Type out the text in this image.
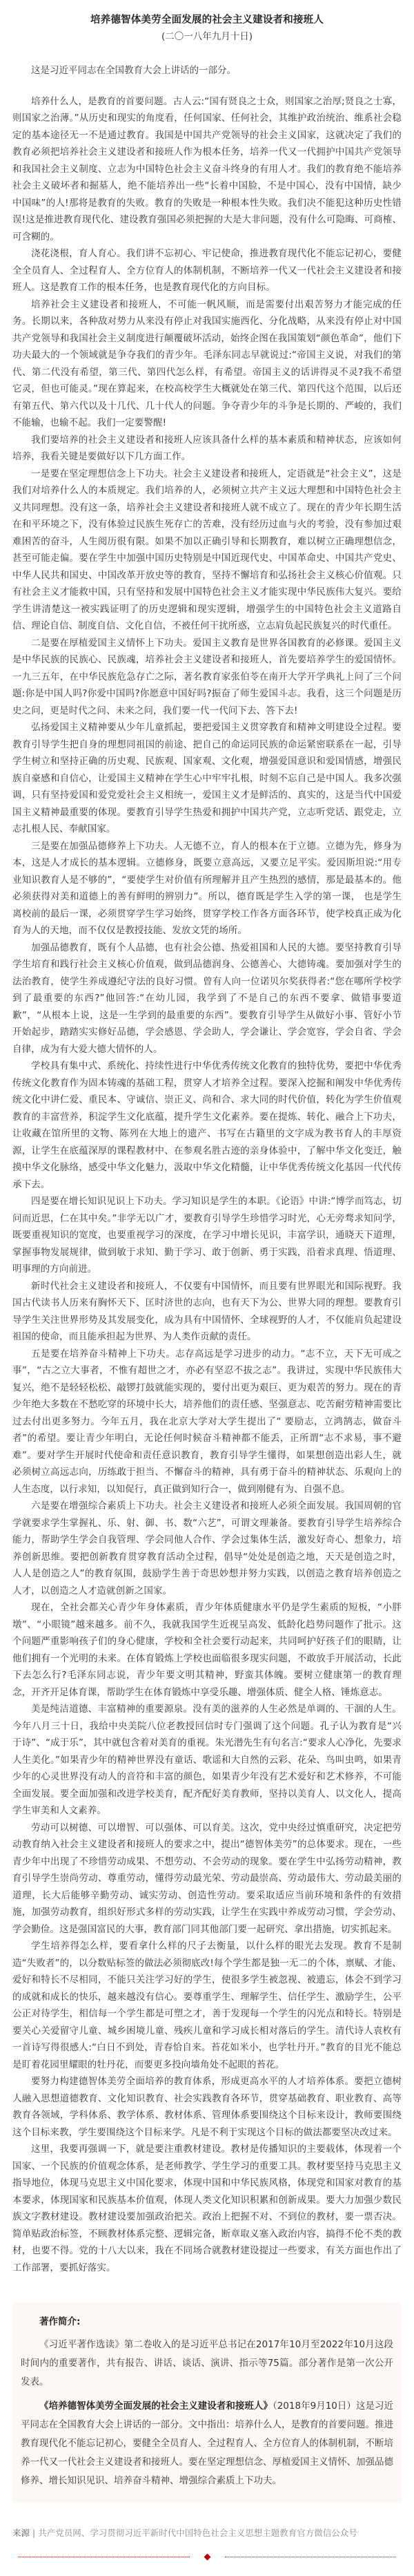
培养德智体美劳全面发展的社会主义建设者和接班人
(二〇一八年九月十日)

这是习近平同志在全国教育大会上讲话的一部分。

培养什么人，是教育的首要问题。古人云:“国有贤良之士众，则国家之治厚;贤良之士寡，则国家之治薄。”从历史和现实的角度看，任何国家、任何社会，其维护政治统治、维系社会稳定的基本途径无一不是通过教育。我国是中国共产党领导的社会主义国家，这就决定了我们的教育必须把培养社会主义建设者和接班人作为根本任务，培养一代又一代拥护中国共产党领导和我国社会主义制度、立志为中国特色社会主义奋斗终身的有用人才。我们的教育绝不能培养社会主义破坏者和掘墓人，绝不能培养出一些“长着中国脸，不是中国心，没有中国情，缺少中国味”的人!那将是教育的失败。教育的失败是一种根本性失败。我们决不能犯这种历史性错误!这是推进教育现代化、建设教育强国必须把握的大是大非问题，没有什么可隐晦、可商榷、可含糊的。

浇花浇根，育人育心。我们讲不忘初心、牢记使命，推进教育现代化不能忘记初心，要健全全员育人、全过程育人、全方位育人的体制机制，不断培养一代又一代社会主义建设者和接班人。这是教育工作的根本任务，也是教育现代化的方向目标。

培养社会主义建设者和接班人，不可能一帆风顺，而是需要付出艰苦努力才能完成的任务。长期以来，各种敌对势力从来没有停止对我国实施西化、分化战略，从来没有停止对中国共产党领导和我国社会主义制度进行颠覆破坏活动，始终企图在我国策划“颜色革命”，他们下功夫最大的一个领域就是争夺我们的青少年。毛泽东同志早就说过:“帝国主义说，对我们的第代、第二代没有希望，第三代、第四代怎么样，有希望。帝国主义的话讲得灵不灵?我不希望它灵，但也可能灵。”现在算起来，在校高校学生大概就处在第三代、第四代这个范围，以后还有第五代、第六代以及十几代、几十代人的问题。争夺青少年的斗争是长期的、严峻的，我们不能输，也输不起。我们一定要警醒!

我们要培养的社会主义建设者和接班人应该具备什么样的基本素质和精神状态，应该如何培养，我看关键是要做好以下几方面工作。

一是要在坚定理想信念上下功夫。社会主义建设者和接班人，定语就是“社会主义”，这是我们对培养什么人的本质规定。我们培养的人，必须树立共产主义远大理想和中国特色社会主义共同理想。没有这一条，培养社会主义建设者和接班人就不成立了。现在的青少年长期生活在和平环境之下，没有体验过民族生死存亡的苦难，没有经历过血与火的考验，没有参加过艰难困苦的奋斗，人生阅历很有限。如果不加以正确引导和长期教育，难以树立正确理想信念，甚至可能走偏。要在学生中加强中国历史特别是中国近现代史、中国革命史、中国共产党史、中华人民共和国史、中国改革开放史等的教育，坚持不懈培育和弘扬社会主义核心价值观。只有社会主义才能救中国，只有坚持和发展中国特色社会主义才能实现中华民族伟大复兴。要给学生讲清楚这一被实践证明了的历史逻辑和现实逻辑，增强学生的中国特色社会主义道路自信、理论自信、制度自信、文化自信，不被任何干扰所惑，立志肩负起民族复兴的时代重任。

二是要在厚植爱国主义情怀上下功夫。爱国主义教育是世界各国教育的必修课。爱国主义是中华民族的民族心、民族魂，培养社会主义建设者和接班人，首先要培养学生的爱国情怀。一九三五年，在中华民族危急存亡之际，著名教育家张伯苓在南开大学开学典礼上问了三个问题:你是中国人吗?你爱中国吗?你愿意中国好吗?振奋了师生爱国斗志。我看，这三个问题是历史之问，更是时代之问、未来之问，我们要一代一代问下去、答下去!

弘扬爱国主义精神要从少年儿童抓起，要把爱国主义贯穿教育和精神文明建设全过程。要教育引导学生把自身的理想同祖国的前途、把自己的命运同民族的命运紧密联系在一起，引导学生树立和坚持正确的历史观、民族观、国家观、文化观，增强爱国意识和爱国情感，增强民族自豪感和自信心，让爱国主义精神在学生心中牢牢扎根，时刻不忘自己是中国人。我多次强调，只有坚持爱国和爱党爱社会主义相统一，爱国主义才是鲜活的、真实的，这是当代中国爱国主义精神最重要的体现。要教育引导学生热爱和拥护中国共产党，立志听党话、跟党走，立志扎根人民、奉献国家。

三是要在加强品德修养上下功夫。人无德不立，育人的根本在于立德。立德为先，修身为本，这是人才成长的基本逻辑。立德修身，既要立意高远，又要立足平实。爱因斯坦说:“用专业知识教育人是不够的”，“要使学生对价值有所理解并且产生热烈的感情，那是最基本的。他必须获得对美和道德上的善有鲜明的辨别力”。所以，德育既是学生入学的第一课， 也是学生离校前的最后一课，必须贯穿学生学习始终，贯穿学校工作各方面各环节，使学校真正成为化育为人的天地，而不仅仅是教授技能、发放文凭的场所。

加强品德教育，既有个人品德，也有社会公德、热爱祖国和人民的大德。要坚持教育引导学生培育和践行社会主义核心价值观，做到品德润身、公德善心、大德铸魂。要加强对学生的法治教育，使学生养成遵纪守法的良好习惯。曾有人向一位诺贝尔奖获得者:“您在哪所学校学到了最重要的东西?”他回答:“在幼儿园，我学到了不是自己的东西不要拿、做错事要道歉”，“从根本上说，这是一生学到的最重要的东西”。要教育引导学生从做好小事、管好小节开始起步，踏踏实实修好品德，学会感恩、学会助人，学会谦让、学会宽容，学会自省、学会自律，成为有大爱大德大情怀的人。

学校具有集中式、系统化、持续性进行中华优秀传统文化教育的独特优势，要把中华优秀传统文化教育作为固本铸魂的基础工程，贯穿人才培养全过程。要深入挖掘和阐发中华优秀传统文化中讲仁爱、重民本、守诚信、崇正义、尚和合、求大同的时代价值，转化为学生价值观教育的丰富营养，积淀学生文化底蕴，提升学生文化素养。要在提炼、转化、融合上下功夫，让收藏在馆所里的文物、陈列在大地上的遗产、书写在古籍里的文字成为教书育人的丰厚资源，让学生在底蕴深厚的课程教材中、在参观名胜古迹的亲身体验中，了解中华文化变迁，触摸中华文化脉络，感受中华文化魅力，汲取中华文化精髓，让中华优秀传统文化基因一代代传承下去。

四是要在增长知识见识上下功夫。学习知识是学生的本职。《论语》中讲:“博学而笃志，切问而近思，仁在其中矣。”非学无以广才，要教育引导学生珍惜学习时光，心无旁骛求知问学，既要重视知识的宽度，也要重视学习的深度，在学习中增长见识，丰富学识，通晓天下道理，掌握事物发展规律，做到敏于求知、勤于学习、敢于创新、勇于实践，沿着求真理、悟道理、明事理的方向前进。

新时代社会主义建设者和接班人，不仅要有中国情怀，而且要有世界眼光和国际视野。我国古代读书人历来有胸怀天下、匡时济世的志向，也有天下为公、世界大同的理想。要教育引导学生关注世界形势及其发展变化，成为具有中国情怀、全球视野的人才，不仅能肩负起建设祖国的使命，而且能承担起为世界、为人类作贡献的责任。

五是要在培养奋斗精神上下功夫。志存高远是学习进步的动力。“志不立，天下无可成之事”，“古之立大事者，不惟有超世之才，亦必有坚忍不拔之志”。我讲过，实现中华民族伟大复兴，绝不是轻轻松松、敲锣打鼓就能实现的，要付出更为艰巨、更为艰苦的努力。现在的青少年绝大多数在不愁吃穿的环境中长大，培养他们的责任感、坚强意志、吃苦耐劳精神需要比过去付出更多努力。今年五月，我在北京大学对大学生提出了“ 要励志，立鸿鹄志，做奋斗者”的希望。要让青少年明白，无论任何时候奋斗精神都不能丢，正所谓“志不求易，事不避难”。要对学生开展时代使命和责任意识教育，教育引导学生懂得，如果想创造出彩人生，就必须树立高远志向，历练敢于担当、不懈奋斗的精神，具有勇于奋斗的精神状态、乐观向上的人生态度，以行求知，以知促行，真正做到知行合一，做到刚健有为、自强不息。

六是要在增强综合素质上下功夫。社会主义建设者和接班人必须全面发展。我国周朝的官学就要求学生掌握礼、乐、射、御、书、数“六艺”，可谓文理兼备。要教育引导学生培养综合能力，帮助学生学会自我管理、学会同他人合作、学会过集体生活，激发好奇心、想象力，培养创新思维。要把创新教育贯穿教育活动全过程，倡导“处处是创造之地，天天是创造之时，人人是创造之人”的教育氛围，鼓励学生善于奇思妙想并努力实践，以创造之教育培养创造之人才，以创造之人才造就创新之国家。

现在，全社会都关心青少年身体素质，青少年体质健康水平仍是学生素质的短板，“小胖墩”、“小眼镜”越来越多。前不久，我就我国学生近视呈高发、低龄化趋势问题作了批示。这个问题严重影响孩子们的身心健康，学校和全社会要行动起来，共同呵护好孩子们的眼睛，让他们拥有一个光明的未来。在体育锻炼上学校也面临很多现实问题，不敢放手开展活动，长此下去怎么行?毛泽东同志说，青少年要文明其精神，野蛮其体魄。要树立健康第一的教育理念，开齐开足体育课，帮助学生在体育锻炼中享受乐趣、增强体质、健全人格、锤炼意志。

美是纯洁道德、丰富精神的重要源泉。没有美的滋养的人生必然是单调的、干涸的人生。今年八月三十日，我给中央美院八位老教授回信时专门强调了这个问题。孔子认为教育是“兴于诗”、“成于乐”，其中就包含着对美育的重视。朱光潜先生有句名言:“要求人心净化，先要求人生美化。”如果青少年的精神世界没有童话、歌谣和大自然的云彩、花朵、鸟叫虫鸣，如果青少年的心灵世界没有动人的音符和丰富的颜色，如果青少年没有艺术爱好和艺术修养，不可能全面发展。要全面加强和改进学校美育，配齐配好美育教师，坚持以美育人、以文化人，提高学生审美和人文素养。

劳动可以树德、可以增智、可以强体、可以育美。这次，党中央经过慎重研究，决定把劳动教育纳入社会主义建设者和接班人的要求之中，提出“德智体美劳”的总体要求。现在，一些青少年中出现了不珍惜劳动成果、不想劳动、不会劳动的现象。要在学生中弘扬劳动精神，教育引导学生崇尚劳动、尊重劳动，懂得劳动最光荣、劳动最崇高、劳动最伟大、劳动最美丽的道理，长大后能够辛勤劳动、诚实劳动、创造性劳动。要采取适应当前环境和条件的有效措施，加强劳动教育，组织好形式多样的劳动实践，让学生在实践中养成劳动习惯，学会劳动、学会勤俭。这是强国富民的大事，教育部门同其他部门要一起研究、拿出措施，切实抓起来。

学生培养得怎么样，要看拿什么样的尺子去衡量，以什么样的眼光去发现。教育不是制造“失败者”的，以分数贴标签的做法必须彻底改!每个学生都是独一无二的个体，禀赋、才能、爱好和特长不尽相同，不能只关注学习好的学生，使很多学生被忽视、被遗忘，体会不到学习的成就和成长的快乐，越来越没有信心。要尊重学生、理解学生、信任学生、激励学生，公平公正对待学生，相信每一个学生都是可塑之才，善于发现每一个学生的闪光点和特长。特别是要关心关爱留守儿童、城乡困境儿童、残疾儿童和学习成长相对落后的学生。清代诗人袁枚有一首诗写得很感人:“白日不到处，青春恰自来。苔花如米小，也学牡丹开。”教育的目光不能总是盯着花园里耀眼的牡丹花，而要更多投向墙角处不起眼的苔花。

要努力构建德智体美劳全面培养的教育体系，形成更高水平的人才培养体系。要把立德树人融入思想道德教育、文化知识教育、社会实践教育各环节，贯穿基础教育、职业教育、高等教育各领域，学科体系、教学体系、教材体系、管理体系要围绕这个目标来设计，教师要围绕这个目标来教，学生要围绕这个目标来学。凡是不利于实现这个目标的做法都要坚决改过来。

这里，我要再强调一下，就是要注重教材建设。教材是传播知识的主要载体，体现着一个国家、一个民族的价值观念体系，是老师教学、学生学习的重要工具。教材要坚持马克思主义指导地位，体现马克思主义中国化要求，体现中国和中华民族风格，体现党和国家对教育的基本要求，体现国家和民族基本价值观，体现人类文化知识积累和创新成果。要大力加强少数民族文字教材建设。教材建设要加强政治把关。政治上把握不对、不到位的教材，要一票否决。简单贴政治标签，不顾教材体系完整、逻辑完备，断章取义塞入政治内容，搞得不伦不类的教材，也要不得。党的十八大以来，我在不同场合就教材建设提过一些要求，有关方面也作出了工作部署，要抓好落实。

著作简介:

《习近平著作选读》第二卷收入的是习近平总书记在2017年10月至2022年10月这段时间内的重要著作，共有报告、讲话、谈话、演讲、指示等75篇。部分著作是第一次公开发表。

《培养德智体美劳全面发展的社会主义建设者和接班人》（2018年9月10日）这是习近平同志在全国教育大会上讲话的一部分。文中指出：培养什么人，是教育的首要问题。推进教育现代化不能忘记初心，要健全全员育人、全过程育人、全方位育人的体制机制，不断培养一代又一代社会主义建设者和接班人。要在坚定理想信念、厚植爱国主义情怀、加强品德修养、增长知识见识、培养奋斗精神、增强综合素质上下功夫。

来源 | 共产党员网、学习贯彻习近平新时代中国特色社会主义思想主题教育官方微信公众号
